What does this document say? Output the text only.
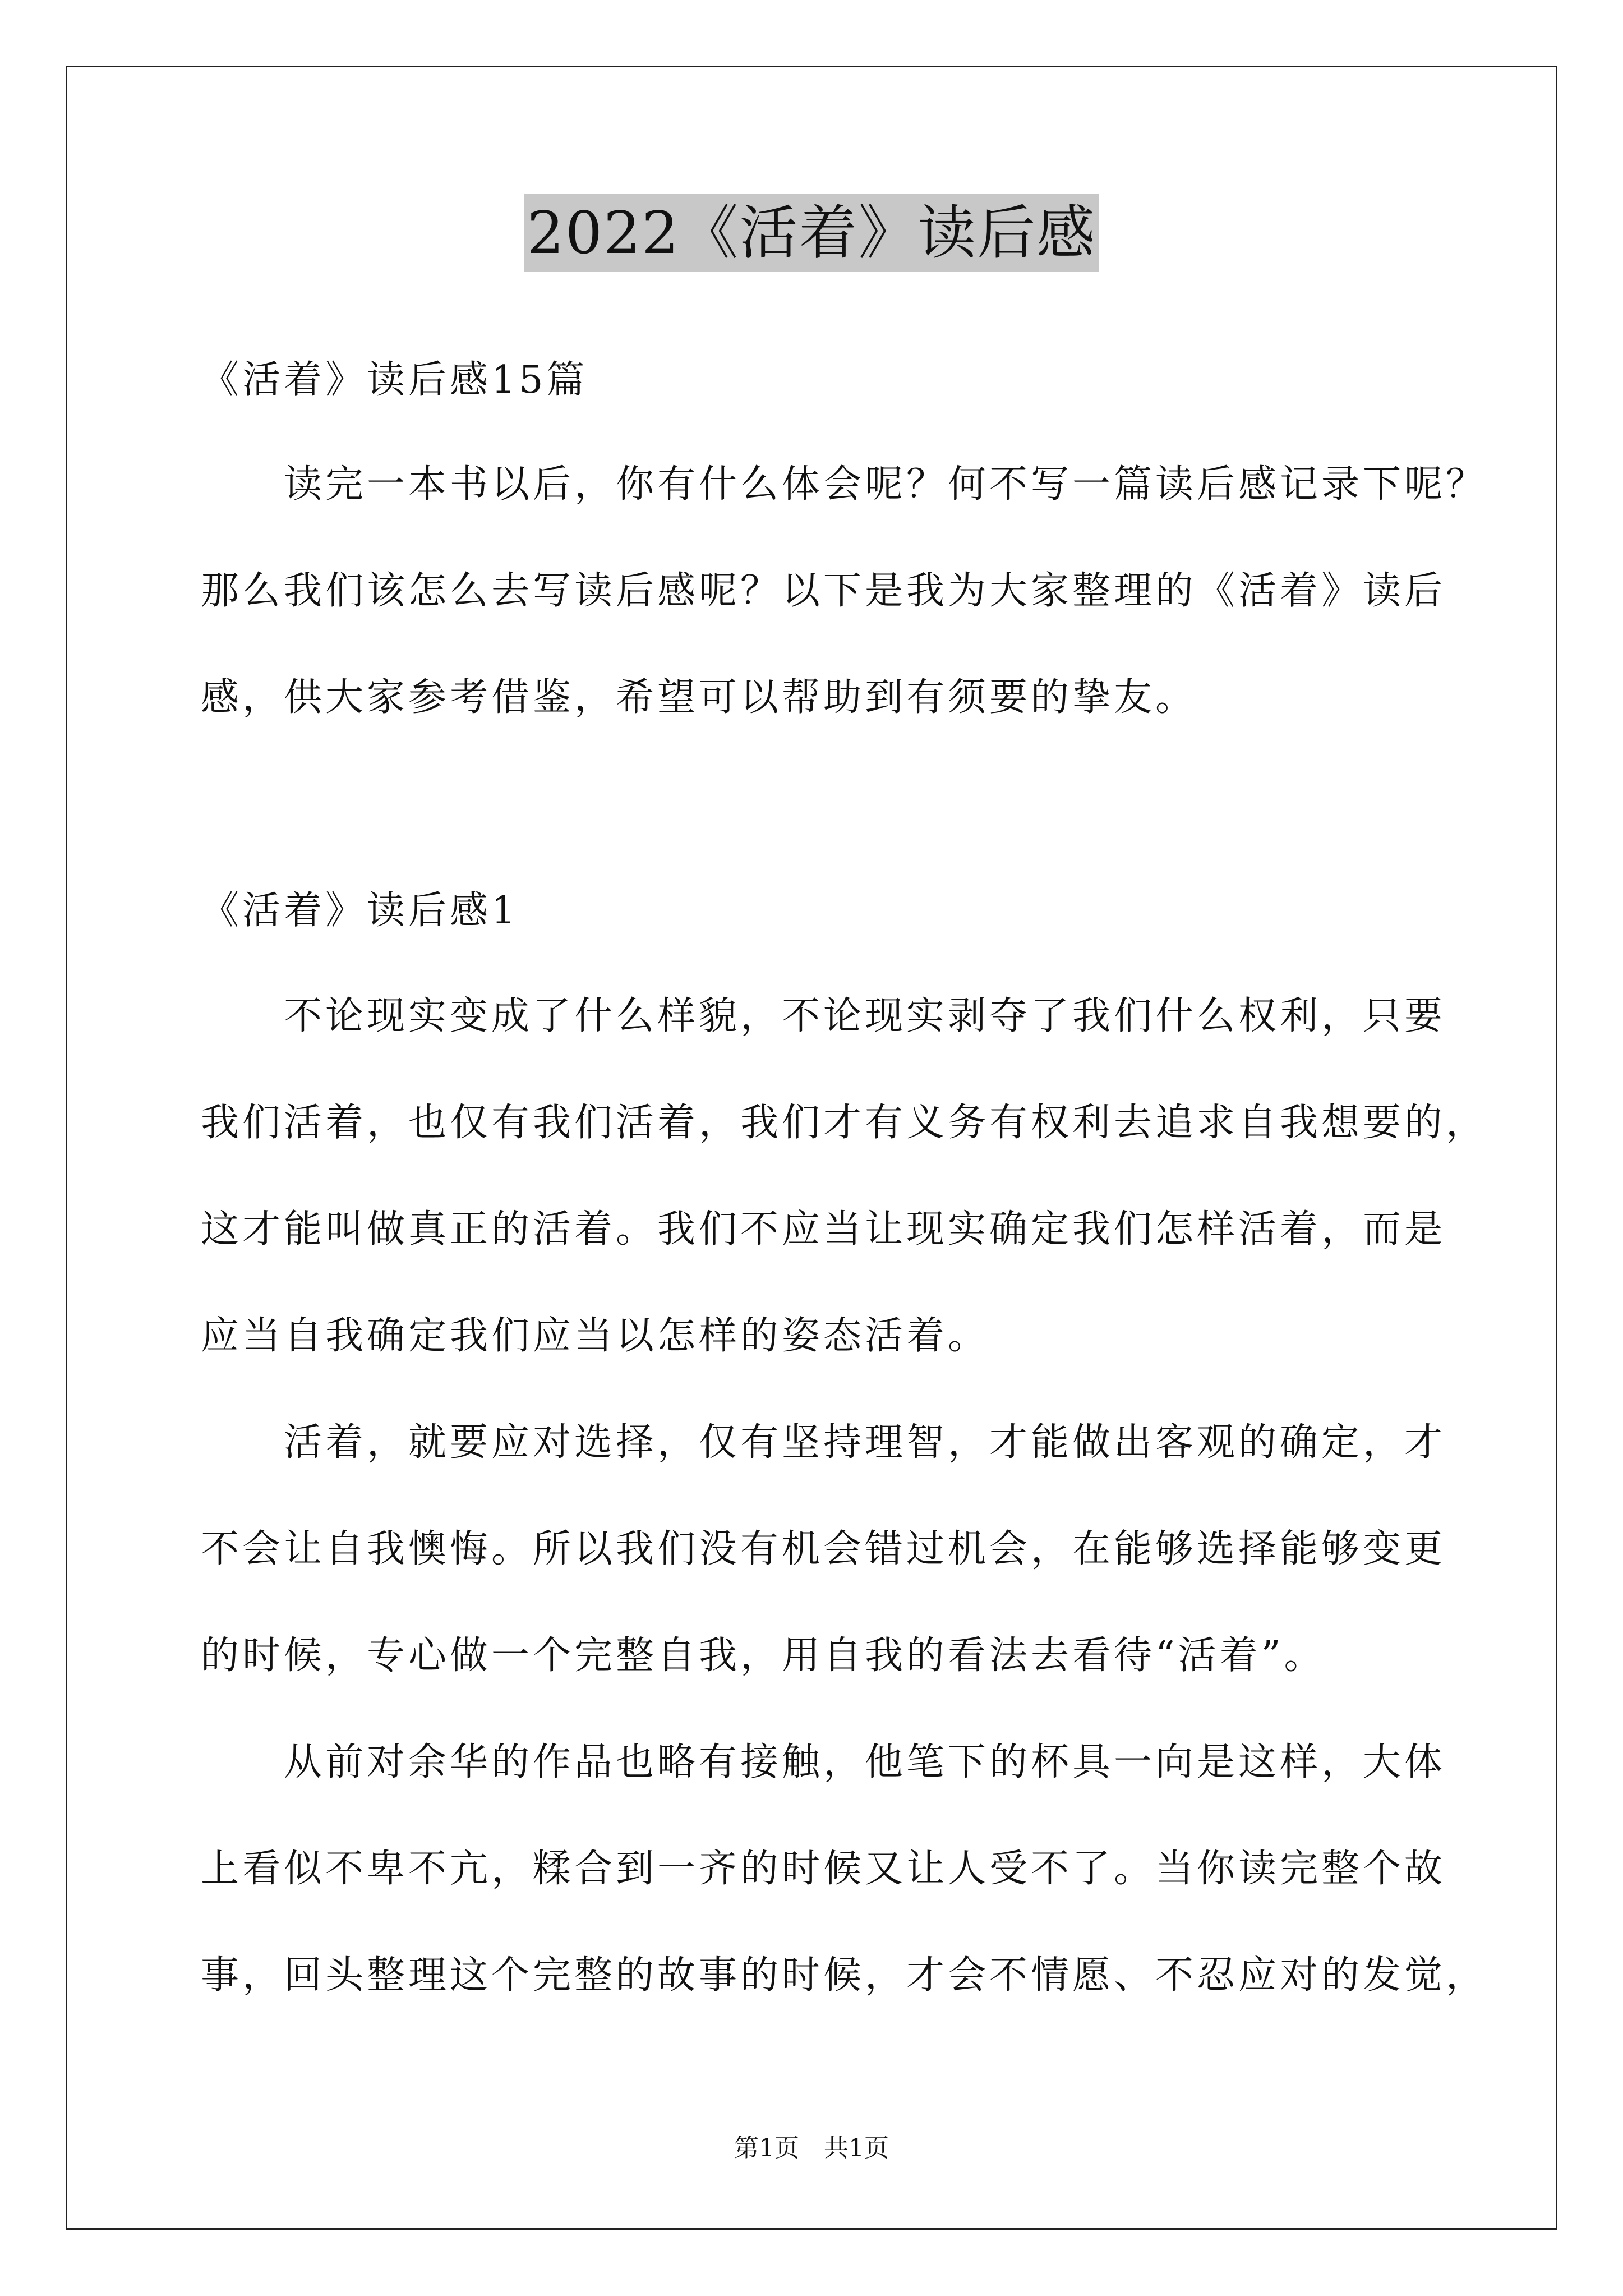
2022《活着》读后感

《活着》读后感15篇

　　读完一本书以后，你有什么体会呢？何不写一篇读后感记录下呢？

那么我们该怎么去写读后感呢？以下是我为大家整理的《活着》读后

感，供大家参考借鉴，希望可以帮助到有须要的挚友。

《活着》读后感1

　　不论现实变成了什么样貌，不论现实剥夺了我们什么权利，只要

我们活着，也仅有我们活着，我们才有义务有权利去追求自我想要的，

这才能叫做真正的活着。我们不应当让现实确定我们怎样活着，而是

应当自我确定我们应当以怎样的姿态活着。

　　活着，就要应对选择，仅有坚持理智，才能做出客观的确定，才

不会让自我懊悔。所以我们没有机会错过机会，在能够选择能够变更

的时候，专心做一个完整自我，用自我的看法去看待“活着”。

　　从前对余华的作品也略有接触，他笔下的杯具一向是这样，大体

上看似不卑不亢，糅合到一齐的时候又让人受不了。当你读完整个故

事，回头整理这个完整的故事的时候，才会不情愿、不忍应对的发觉，

第1页　共1页
